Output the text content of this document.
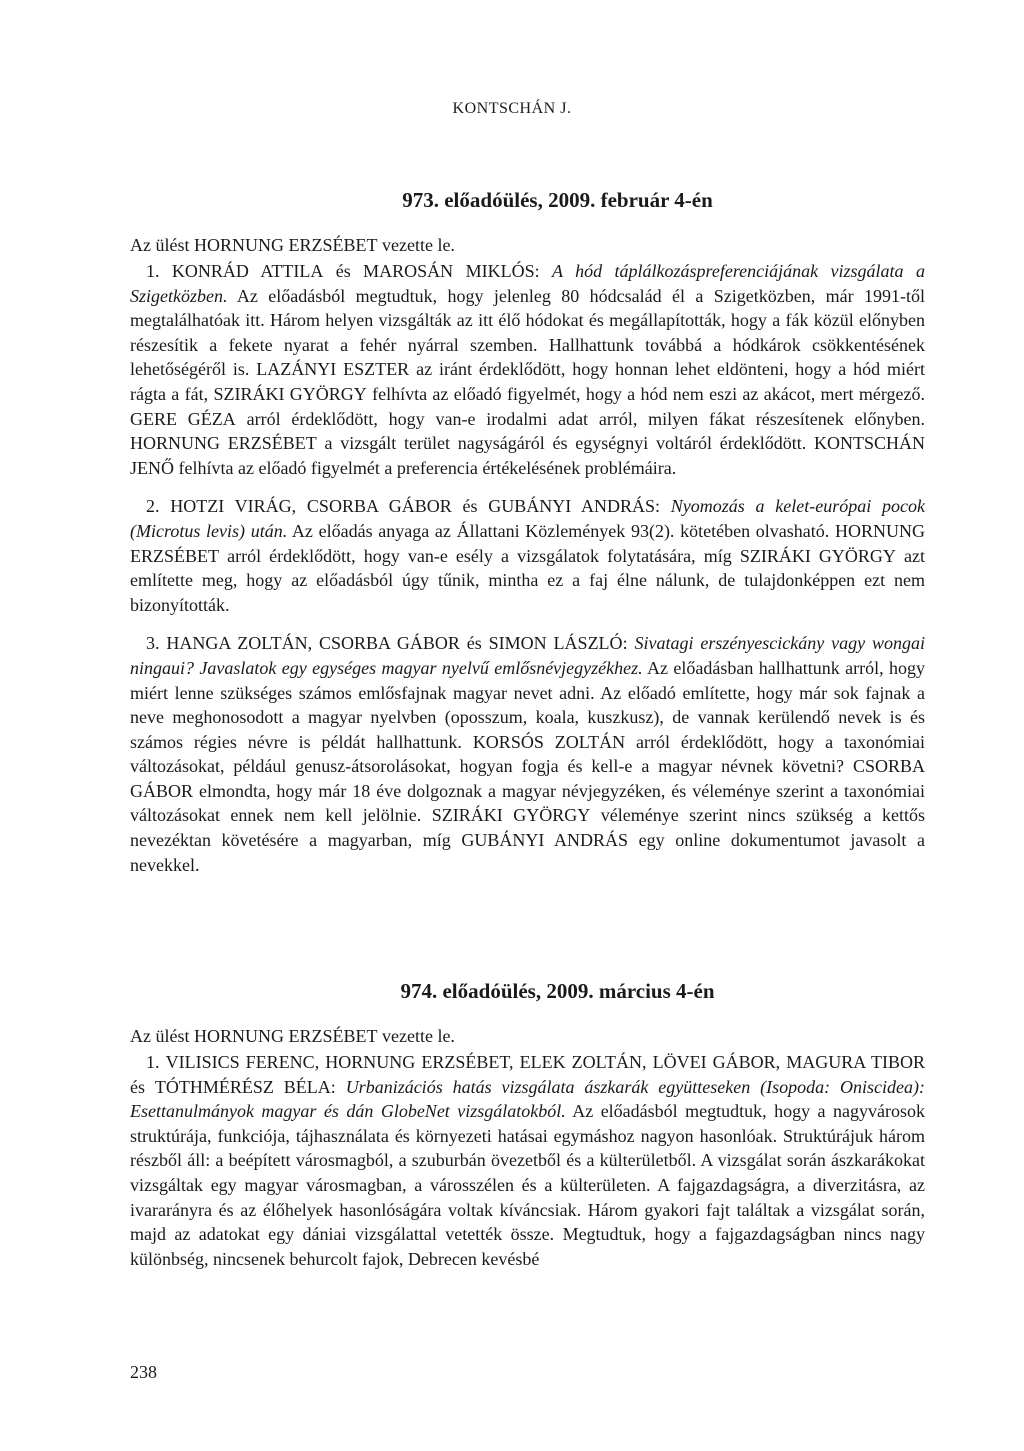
KONTSCHÁN J.
973. előadóülés, 2009. február 4-én

Az ülést HORNUNG ERZSÉBET vezette le.

1. KONRÁD ATTILA és MAROSÁN MIKLÓS: A hód táplálkozáspreferenciájának vizsgálata a Szigetközben. Az előadásból megtudtuk, hogy jelenleg 80 hódcsalád él a Szigetközben, már 1991-től megtalálhatóak itt. Három helyen vizsgálták az itt élő hódokat és megállapították, hogy a fák közül előnyben részesítik a fekete nyarat a fehér nyárral szemben. Hallhattunk továbbá a hódkárok csökkentésének lehetőségéről is. LAZÁNYI ESZTER az iránt érdeklődött, hogy honnan lehet eldönteni, hogy a hód miért rágta a fát, SZIRÁKI GYÖRGY felhívta az előadó figyelmét, hogy a hód nem eszi az akácot, mert mérgező. GERE GÉZA arról érdeklődött, hogy van-e irodalmi adat arról, milyen fákat részesítenek előnyben. HORNUNG ERZSÉBET a vizsgált terület nagyságáról és egységnyi voltáról érdeklődött. KONTSCHÁN JENŐ felhívta az előadó figyelmét a preferencia értékelésének problémáira.

2. HOTZI VIRÁG, CSORBA GÁBOR és GUBÁNYI ANDRÁS: Nyomozás a kelet-európai pocok (Microtus levis) után. Az előadás anyaga az Állattani Közlemények 93(2). kötetében olvasható. HORNUNG ERZSÉBET arról érdeklődött, hogy van-e esély a vizsgálatok folytatására, míg SZIRÁKI GYÖRGY azt említette meg, hogy az előadásból úgy tűnik, mintha ez a faj élne nálunk, de tulajdonképpen ezt nem bizonyították.

3. HANGA ZOLTÁN, CSORBA GÁBOR és SIMON LÁSZLÓ: Sivatagi erszényescickány vagy wongai ningaui? Javaslatok egy egységes magyar nyelvű emlősnévjegyzékhez. Az előadásban hallhattunk arról, hogy miért lenne szükséges számos emlősfajnak magyar nevet adni. Az előadó említette, hogy már sok fajnak a neve meghonosodott a magyar nyelvben (oposszum, koala, kuszkusz), de vannak kerülendő nevek is és számos régies névre is példát hallhattunk. KORSÓS ZOLTÁN arról érdeklődött, hogy a taxonómiai változásokat, például genusz-átsorolásokat, hogyan fogja és kell-e a magyar névnek követni? CSORBA GÁBOR elmondta, hogy már 18 éve dolgoznak a magyar névjegyzéken, és véleménye szerint a taxonómiai változásokat ennek nem kell jelölnie. SZIRÁKI GYÖRGY véleménye szerint nincs szükség a kettős nevezéktan követésére a magyarban, míg GUBÁNYI ANDRÁS egy online dokumentumot javasolt a nevekkel.

974. előadóülés, 2009. március 4-én

Az ülést HORNUNG ERZSÉBET vezette le.

1. VILISICS FERENC, HORNUNG ERZSÉBET, ELEK ZOLTÁN, LÖVEI GÁBOR, MAGURA TIBOR és TÓTHMÉRÉSZ BÉLA: Urbanizációs hatás vizsgálata ászkarák együtteseken (Isopoda: Oniscidea): Esettanulmányok magyar és dán GlobeNet vizsgálatokból. Az előadásból megtudtuk, hogy a nagyvárosok struktúrája, funkciója, tájhasználata és környezeti hatásai egymáshoz nagyon hasonlóak. Struktúrájuk három részből áll: a beépített városmagból, a szuburbán övezetből és a külterületből. A vizsgálat során ászkarákokat vizsgáltak egy magyar városmagban, a városszélen és a külterületen. A fajgazdagságra, a diverzitásra, az ivararányra és az élőhelyek hasonlóságára voltak kíváncsiak. Három gyakori fajt találtak a vizsgálat során, majd az adatokat egy dániai vizsgálattal vetették össze. Megtudtuk, hogy a fajgazdagságban nincs nagy különbség, nincsenek behurcolt fajok, Debrecen kevésbé

238
